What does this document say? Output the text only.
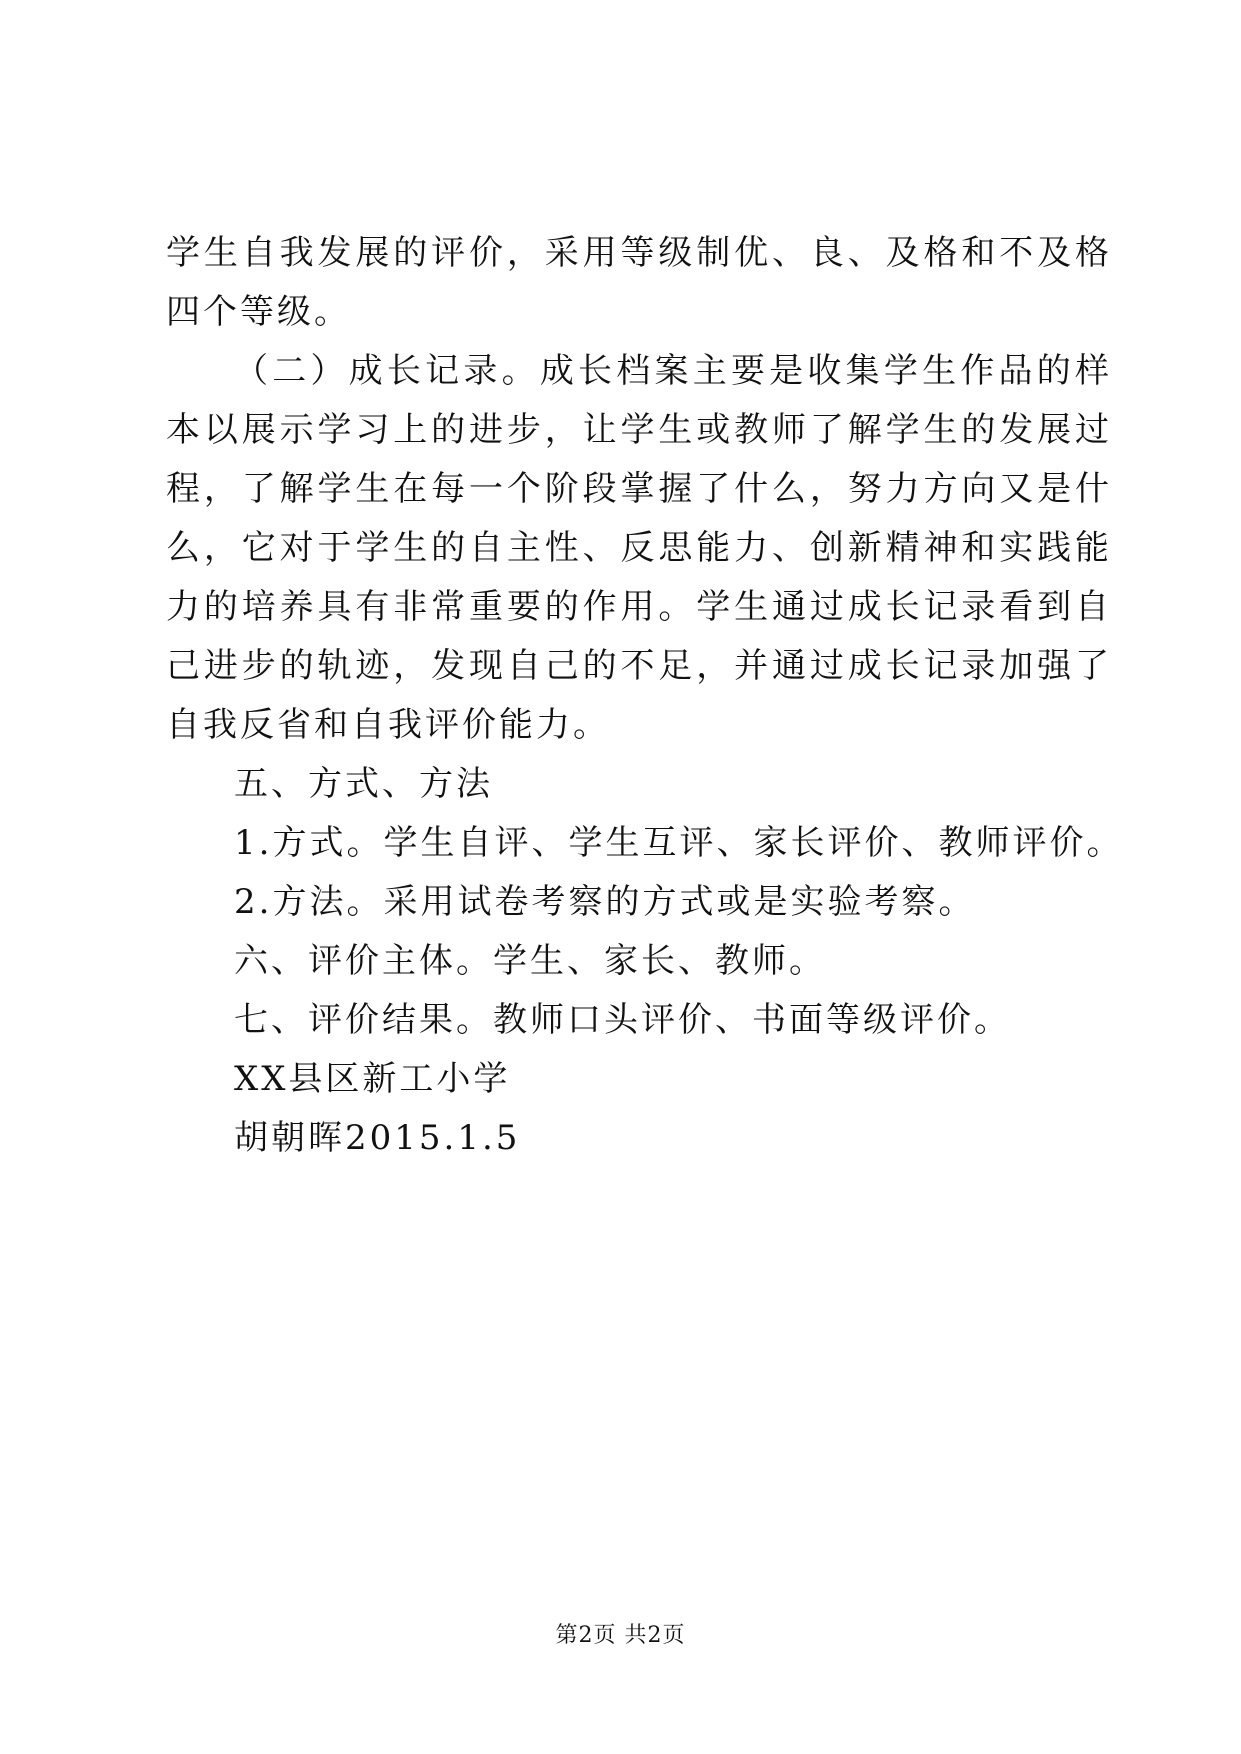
学生自我发展的评价，采用等级制优、良、及格和不及格四个等级。

（二）成长记录。成长档案主要是收集学生作品的样本以展示学习上的进步，让学生或教师了解学生的发展过程，了解学生在每一个阶段掌握了什么，努力方向又是什么，它对于学生的自主性、反思能力、创新精神和实践能力的培养具有非常重要的作用。学生通过成长记录看到自己进步的轨迹，发现自己的不足，并通过成长记录加强了自我反省和自我评价能力。

五、方式、方法

1.方式。学生自评、学生互评、家长评价、教师评价。

2.方法。采用试卷考察的方式或是实验考察。

六、评价主体。学生、家长、教师。

七、评价结果。教师口头评价、书面等级评价。

XX县区新工小学

胡朝晖2015.1.5

第2页 共2页
